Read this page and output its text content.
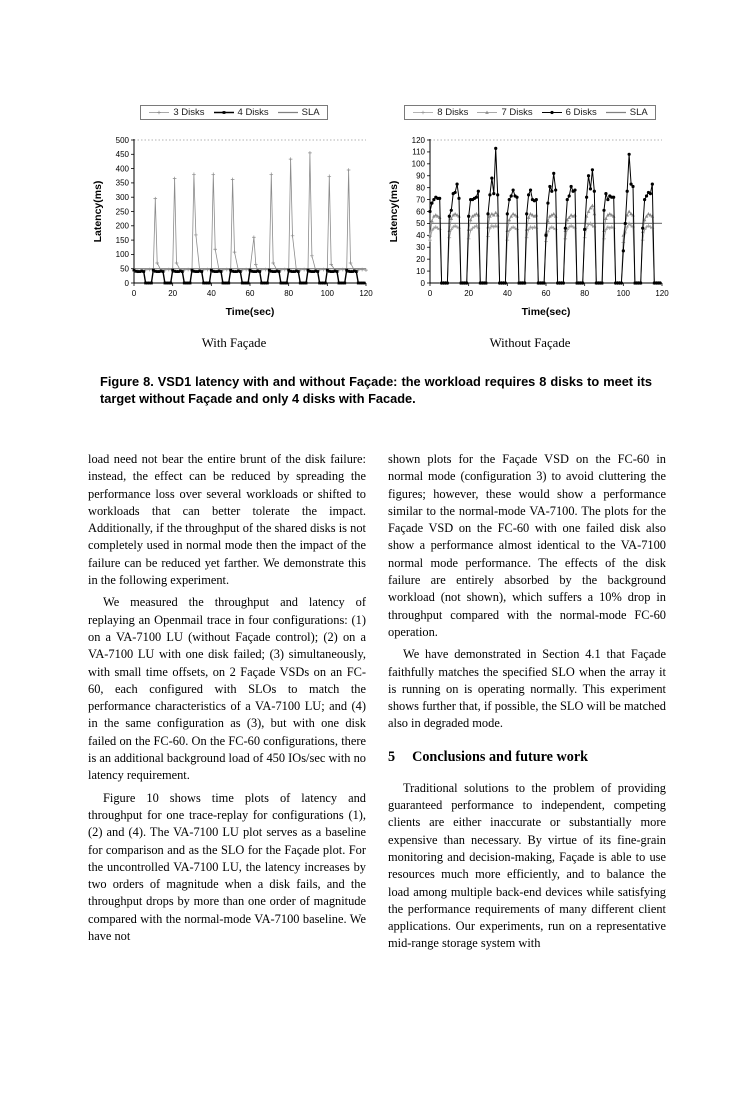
3 Disks	4 Disks	SLA
0
50
100
150
200
250
300
350
400
450
500
0	20	40	60	80	100	120
Latency(ms)
Time(sec)
With Façade
8 Disks	7 Disks	6 Disks	SLA
0
10
20
30
40
50
60
70
80
90
100
110
120
0	20	40	60	80	100	120
Latency(ms)
Time(sec)
Without Façade
Figure 8. VSD1 latency with and without Façade: the workload requires 8 disks to meet its target without Façade and only 4 disks with Facade.

load need not bear the entire brunt of the disk failure: instead, the effect can be reduced by spreading the performance loss over several workloads or shifted to workloads that can better tolerate the impact. Additionally, if the throughput of the shared disks is not completely used in normal mode then the impact of the failure can be reduced yet farther. We demonstrate this in the following experiment.

We measured the throughput and latency of replaying an Openmail trace in four configurations: (1) on a VA-7100 LU (without Façade control); (2) on a VA-7100 LU with one disk failed; (3) simultaneously, with small time offsets, on 2 Façade VSDs on an FC-60, each configured with SLOs to match the performance characteristics of a VA-7100 LU; and (4) in the same configuration as (3), but with one disk failed on the FC-60. On the FC-60 configurations, there is an additional background load of 450 IOs/sec with no latency requirement.

Figure 10 shows time plots of latency and throughput for one trace-replay for configurations (1), (2) and (4). The VA-7100 LU plot serves as a baseline for comparison and as the SLO for the Façade plot. For the uncontrolled VA-7100 LU, the latency increases by two orders of magnitude when a disk fails, and the throughput drops by more than one order of magnitude compared with the normal-mode VA-7100 baseline. We have not

shown plots for the Façade VSD on the FC-60 in normal mode (configuration 3) to avoid cluttering the figures; however, these would show a performance similar to the normal-mode VA-7100. The plots for the Façade VSD on the FC-60 with one failed disk also show a performance almost identical to the VA-7100 normal mode performance. The effects of the disk failure are entirely absorbed by the background workload (not shown), which suffers a 10% drop in throughput compared with the normal-mode FC-60 operation.

We have demonstrated in Section 4.1 that Façade faithfully matches the specified SLO when the array it is running on is operating normally. This experiment shows further that, if possible, the SLO will be matched also in degraded mode.

5 Conclusions and future work

Traditional solutions to the problem of providing guaranteed performance to independent, competing clients are either inaccurate or substantially more expensive than necessary. By virtue of its fine-grain monitoring and decision-making, Façade is able to use resources much more efficiently, and to balance the load among multiple back-end devices while satisfying the performance requirements of many different client applications. Our experiments, run on a representative mid-range storage system with
